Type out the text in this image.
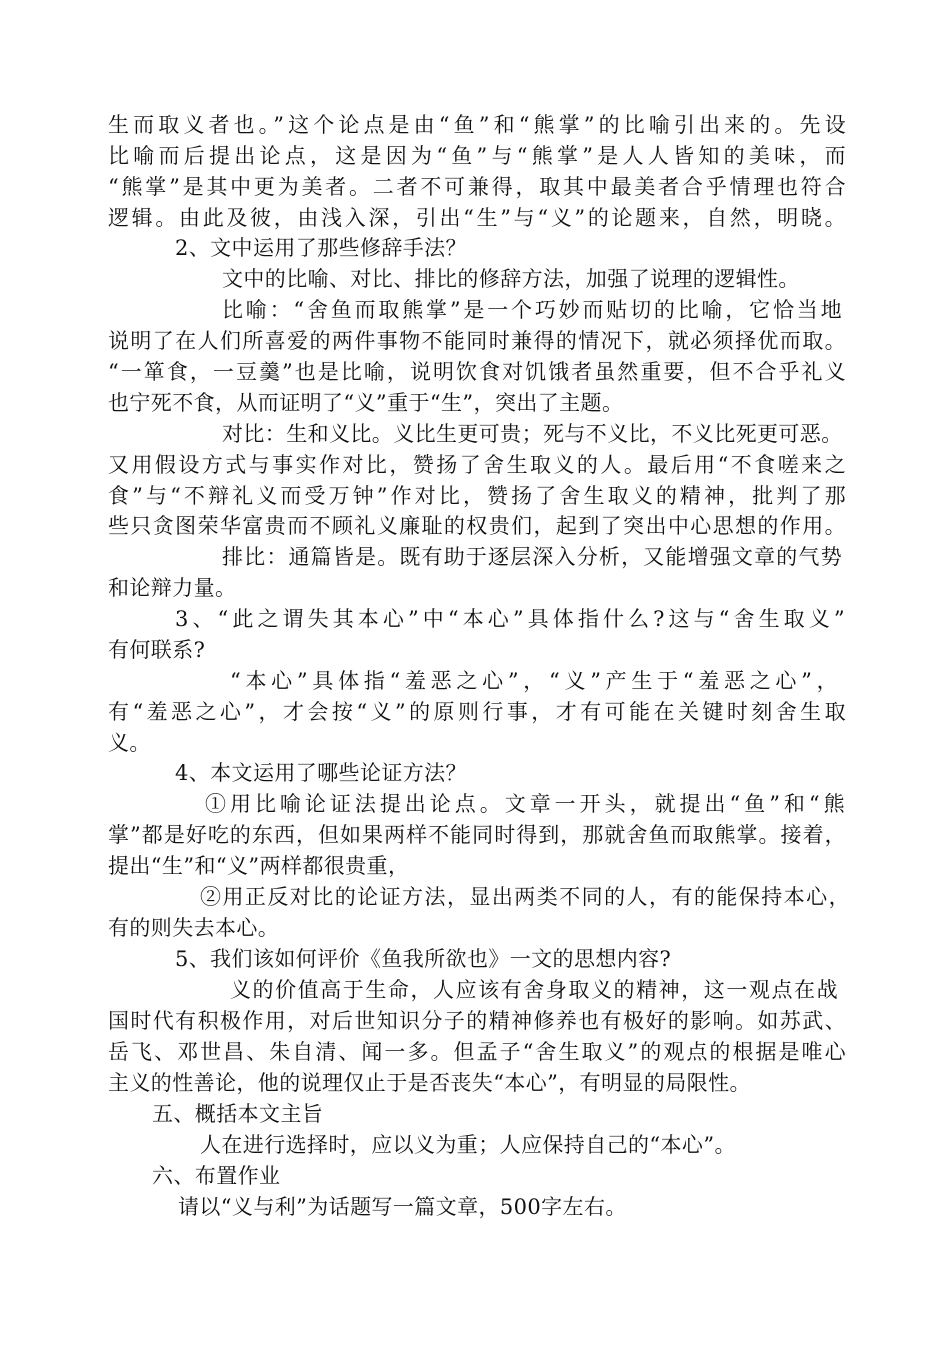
生而取义者也。”这个论点是由“鱼”和“熊掌”的比喻引出来的。先设
比喻而后提出论点，这是因为“鱼”与“熊掌”是人人皆知的美味，而
“熊掌”是其中更为美者。二者不可兼得，取其中最美者合乎情理也符合
逻辑。由此及彼，由浅入深，引出“生”与“义”的论题来，自然，明晓。
2、文中运用了那些修辞手法？
文中的比喻、对比、排比的修辞方法，加强了说理的逻辑性。
比喻：“舍鱼而取熊掌”是一个巧妙而贴切的比喻，它恰当地
说明了在人们所喜爱的两件事物不能同时兼得的情况下，就必须择优而取。
“一箪食，一豆羹”也是比喻，说明饮食对饥饿者虽然重要，但不合乎礼义
也宁死不食，从而证明了“义”重于“生”，突出了主题。
对比：生和义比。义比生更可贵；死与不义比，不义比死更可恶。
又用假设方式与事实作对比，赞扬了舍生取义的人。最后用“不食嗟来之
食”与“不辩礼义而受万钟”作对比，赞扬了舍生取义的精神，批判了那
些只贪图荣华富贵而不顾礼义廉耻的权贵们，起到了突出中心思想的作用。
排比：通篇皆是。既有助于逐层深入分析，又能增强文章的气势
和论辩力量。
3、“此之谓失其本心”中“本心”具体指什么?这与“舍生取义”
有何联系?
“本心”具体指“羞恶之心”，“义”产生于“羞恶之心”，
有“羞恶之心”，才会按“义”的原则行事，才有可能在关键时刻舍生取
义。
4、本文运用了哪些论证方法？
①用比喻论证法提出论点。文章一开头，就提出“鱼”和“熊
掌”都是好吃的东西，但如果两样不能同时得到，那就舍鱼而取熊掌。接着，
提出“生”和“义”两样都很贵重，
②用正反对比的论证方法，显出两类不同的人，有的能保持本心，
有的则失去本心。
5、我们该如何评价《鱼我所欲也》一文的思想内容?
义的价值高于生命，人应该有舍身取义的精神，这一观点在战
国时代有积极作用，对后世知识分子的精神修养也有极好的影响。如苏武、
岳飞、邓世昌、朱自清、闻一多。但孟子“舍生取义”的观点的根据是唯心
主义的性善论，他的说理仅止于是否丧失“本心”，有明显的局限性。
五、概括本文主旨
人在进行选择时，应以义为重；人应保持自己的“本心”。
六、布置作业
请以“义与利”为话题写一篇文章，500字左右。
